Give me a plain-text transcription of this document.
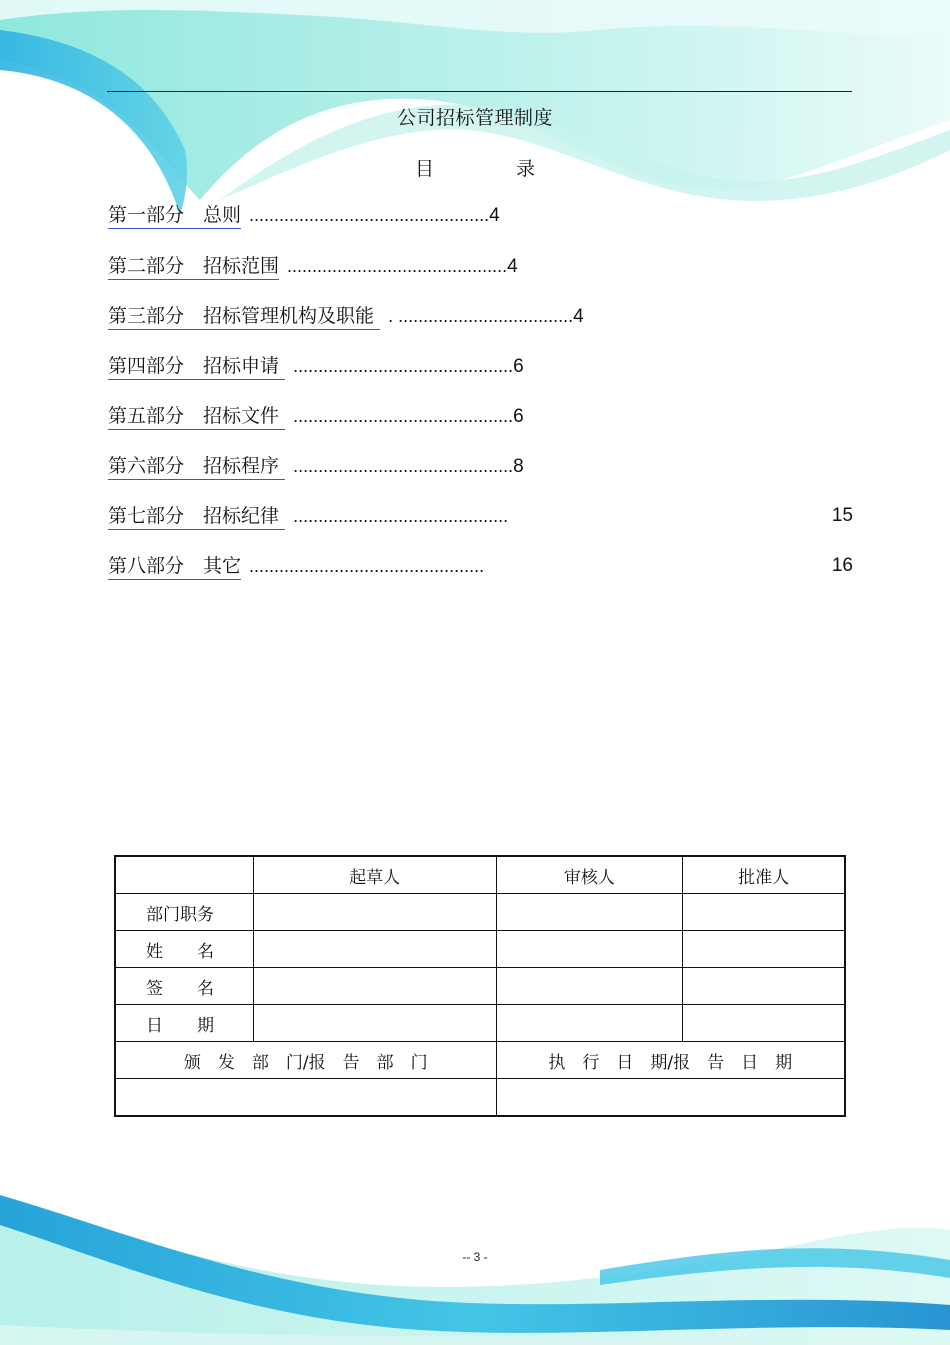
公司招标管理制度
目 录
第一部分　 总则 ................................................4
第二部分　 招标范围 ............................................4
第三部分　 招标管理机构及职能 . ...................................4
第四部分　 招标申请 ............................................6
第五部分　 招标文件 ............................................6
第六部分　 招标程序 ............................................8
第七部分　 招标纪律 ...........................................	15
第八部分　 其它 ...............................................	16
	起草人	审核人	批准人
部门职务			
姓　　名			
签　　名			
日　　期			
颁　发　部　门/报　告　部　门		执　行　日　期/报　告　日　期	

-- 3 -
